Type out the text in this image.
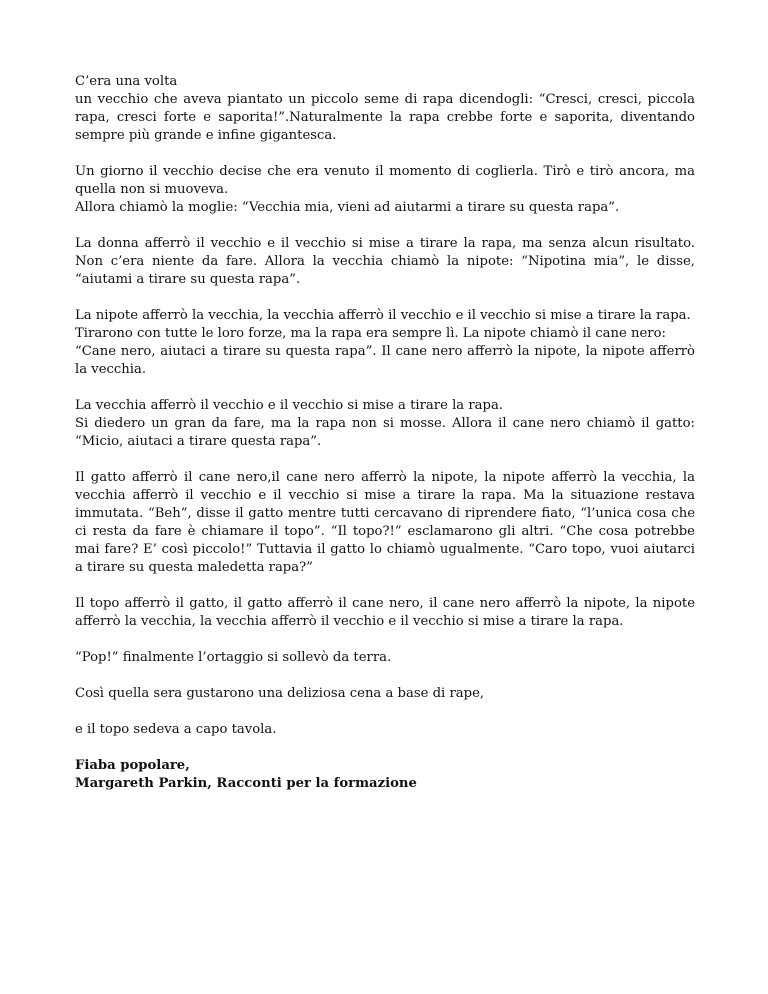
C’era una volta
un vecchio che aveva piantato un piccolo seme di rapa dicendogli: “Cresci, cresci, piccola rapa, cresci forte e saporita!”.Naturalmente la rapa crebbe forte e saporita, diventando sempre più grande e infine gigantesca.
Un giorno il vecchio decise che era venuto il momento di coglierla. Tirò e tirò ancora, ma quella non si muoveva.
Allora chiamò la moglie: “Vecchia mia, vieni ad aiutarmi a tirare su questa rapa”.
La donna afferrò il vecchio e il vecchio si mise a tirare la rapa, ma senza alcun risultato. Non c’era niente da fare. Allora la vecchia chiamò la nipote: “Nipotina mia”, le disse, “aiutami a tirare su questa rapa”.
La nipote afferrò la vecchia, la vecchia afferrò il vecchio e il vecchio si mise a tirare la rapa.
Tirarono con tutte le loro forze, ma la rapa era sempre lì. La nipote chiamò il cane nero:
“Cane nero, aiutaci a tirare su questa rapa”. Il cane nero afferrò la nipote, la nipote afferrò la vecchia.
La vecchia afferrò il vecchio e il vecchio si mise a tirare la rapa.
Si diedero un gran da fare, ma la rapa non si mosse. Allora il cane nero chiamò il gatto: “Micio, aiutaci a tirare questa rapa”.
Il gatto afferrò il cane nero,il cane nero afferrò la nipote, la nipote afferrò la vecchia, la vecchia afferrò il vecchio e il vecchio si mise a tirare la rapa. Ma la situazione restava immutata. “Beh”, disse il gatto mentre tutti cercavano di riprendere fiato, “l’unica cosa che ci resta da fare è chiamare il topo”. “Il topo?!” esclamarono gli altri. “Che cosa potrebbe mai fare? E’ così piccolo!” Tuttavia il gatto lo chiamò ugualmente. “Caro topo, vuoi aiutarci a tirare su questa maledetta rapa?”
Il topo afferrò il gatto, il gatto afferrò il cane nero, il cane nero afferrò la nipote, la nipote afferrò la vecchia, la vecchia afferrò il vecchio e il vecchio si mise a tirare la rapa.
“Pop!” finalmente l’ortaggio si sollevò da terra.
Così quella sera gustarono una deliziosa cena a base di rape,
e il topo sedeva a capo tavola.
Fiaba popolare,
Margareth Parkin, Racconti per la formazione
